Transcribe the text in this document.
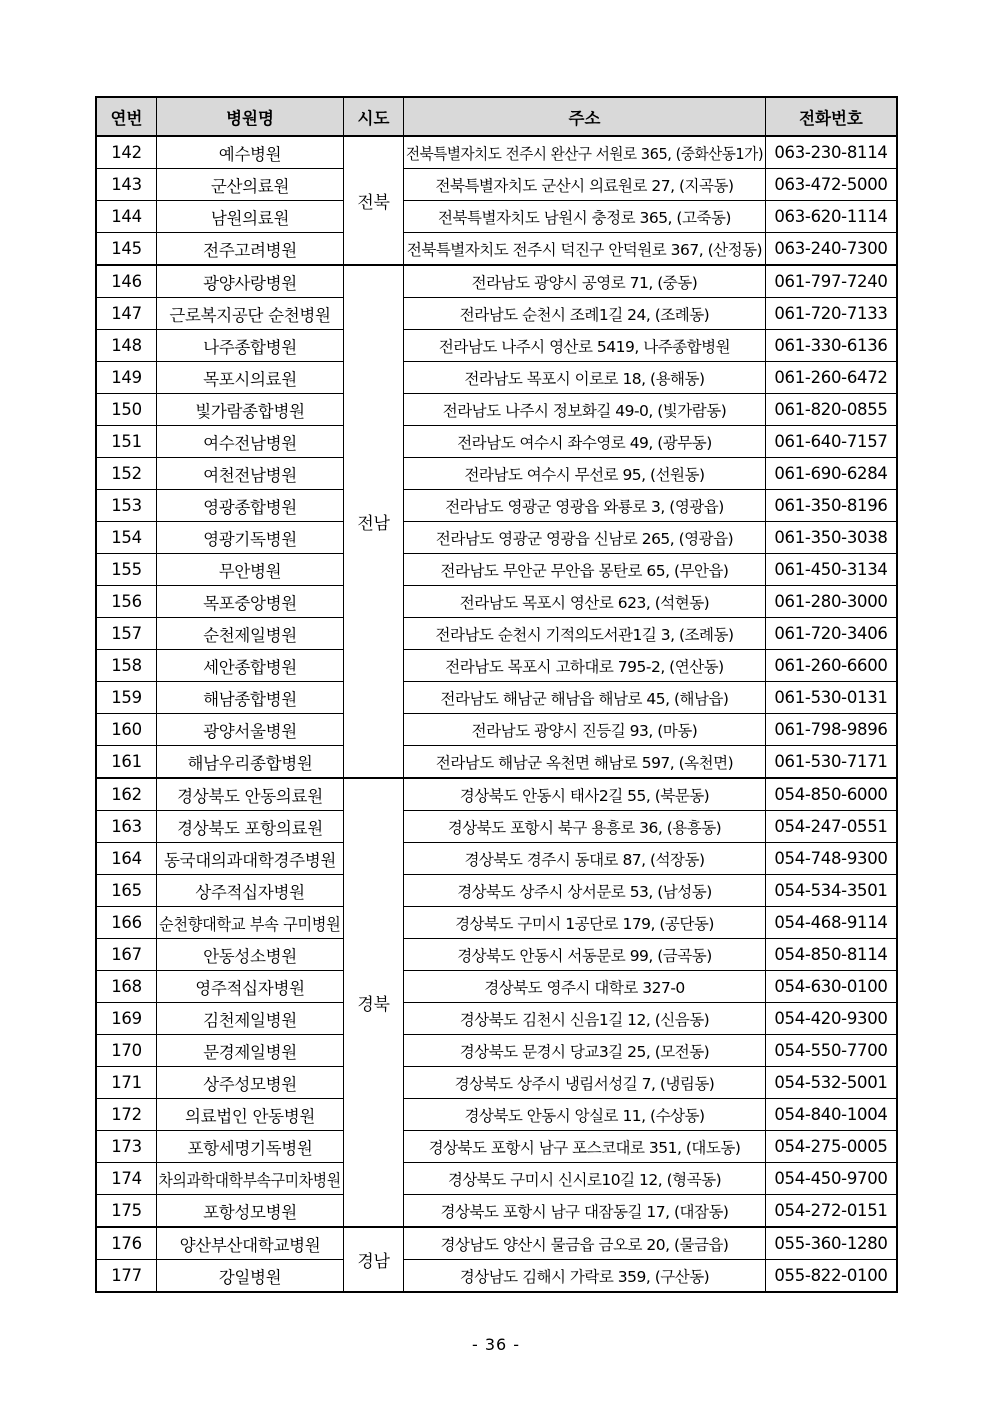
연번	병원명	시도	주소	전화번호
142	예수병원	전북	전북특별자치도 전주시 완산구 서원로 365, (중화산동1가)	063-230-8114
143	군산의료원		전북특별자치도 군산시 의료원로 27, (지곡동)	063-472-5000
144	남원의료원		전북특별자치도 남원시 충정로 365, (고죽동)	063-620-1114
145	전주고려병원		전북특별자치도 전주시 덕진구 안덕원로 367, (산정동)	063-240-7300
146	광양사랑병원	전남	전라남도 광양시 공영로 71, (중동)	061-797-7240
147	근로복지공단 순천병원		전라남도 순천시 조례1길 24, (조례동)	061-720-7133
148	나주종합병원		전라남도 나주시 영산로 5419, 나주종합병원	061-330-6136
149	목포시의료원		전라남도 목포시 이로로 18, (용해동)	061-260-6472
150	빛가람종합병원		전라남도 나주시 정보화길 49-0, (빛가람동)	061-820-0855
151	여수전남병원		전라남도 여수시 좌수영로 49, (광무동)	061-640-7157
152	여천전남병원		전라남도 여수시 무선로 95, (선원동)	061-690-6284
153	영광종합병원		전라남도 영광군 영광읍 와룡로 3, (영광읍)	061-350-8196
154	영광기독병원		전라남도 영광군 영광읍 신남로 265, (영광읍)	061-350-3038
155	무안병원		전라남도 무안군 무안읍 몽탄로 65, (무안읍)	061-450-3134
156	목포중앙병원		전라남도 목포시 영산로 623, (석현동)	061-280-3000
157	순천제일병원		전라남도 순천시 기적의도서관1길 3, (조례동)	061-720-3406
158	세안종합병원		전라남도 목포시 고하대로 795-2, (연산동)	061-260-6600
159	해남종합병원		전라남도 해남군 해남읍 해남로 45, (해남읍)	061-530-0131
160	광양서울병원		전라남도 광양시 진등길 93, (마동)	061-798-9896
161	해남우리종합병원		전라남도 해남군 옥천면 해남로 597, (옥천면)	061-530-7171
162	경상북도 안동의료원	경북	경상북도 안동시 태사2길 55, (북문동)	054-850-6000
163	경상북도 포항의료원		경상북도 포항시 북구 용흥로 36, (용흥동)	054-247-0551
164	동국대의과대학경주병원		경상북도 경주시 동대로 87, (석장동)	054-748-9300
165	상주적십자병원		경상북도 상주시 상서문로 53, (남성동)	054-534-3501
166	순천향대학교 부속 구미병원		경상북도 구미시 1공단로 179, (공단동)	054-468-9114
167	안동성소병원		경상북도 안동시 서동문로 99, (금곡동)	054-850-8114
168	영주적십자병원		경상북도 영주시 대학로 327-0	054-630-0100
169	김천제일병원		경상북도 김천시 신음1길 12, (신음동)	054-420-9300
170	문경제일병원		경상북도 문경시 당교3길 25, (모전동)	054-550-7700
171	상주성모병원		경상북도 상주시 냉림서성길 7, (냉림동)	054-532-5001
172	의료법인 안동병원		경상북도 안동시 앙실로 11, (수상동)	054-840-1004
173	포항세명기독병원		경상북도 포항시 남구 포스코대로 351, (대도동)	054-275-0005
174	차의과학대학부속구미차병원		경상북도 구미시 신시로10길 12, (형곡동)	054-450-9700
175	포항성모병원		경상북도 포항시 남구 대잠동길 17, (대잠동)	054-272-0151
176	양산부산대학교병원	경남	경상남도 양산시 물금읍 금오로 20, (물금읍)	055-360-1280
177	강일병원		경상남도 김해시 가락로 359, (구산동)	055-822-0100
- 36 -
